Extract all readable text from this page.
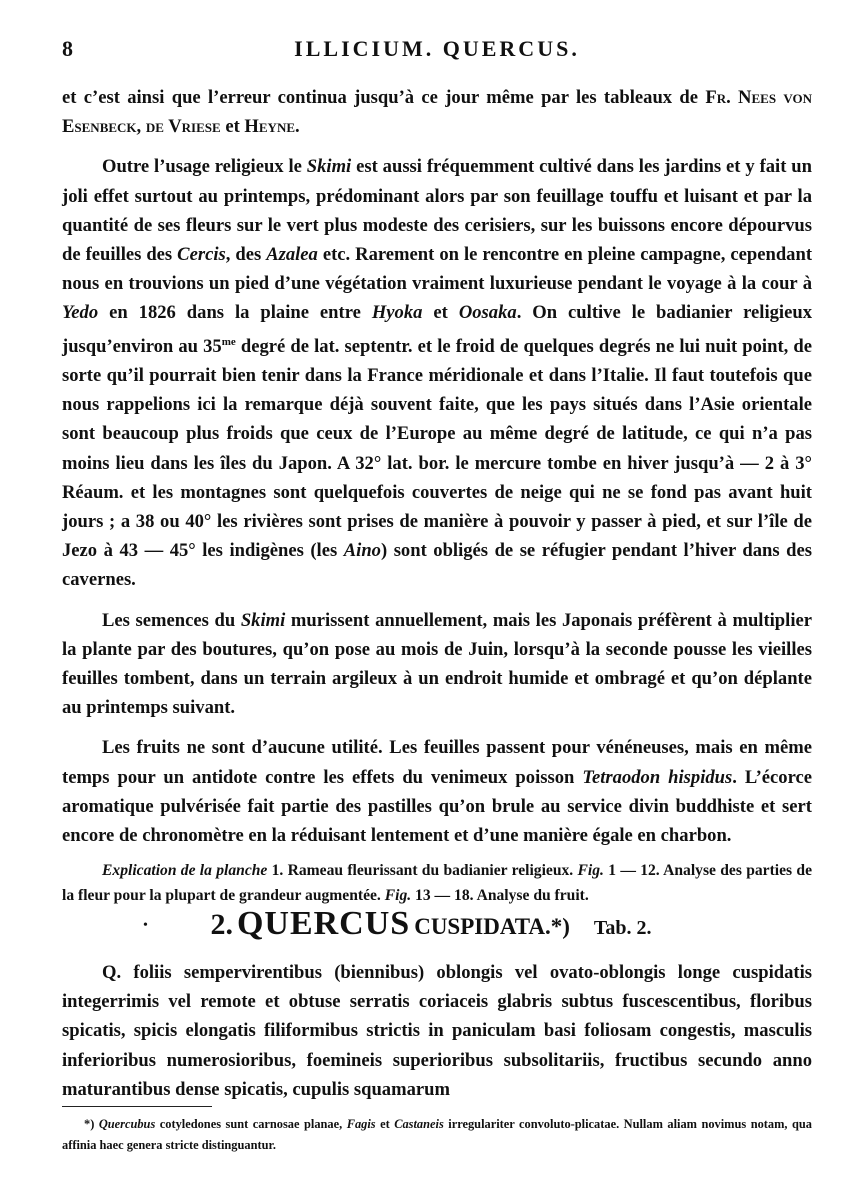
8	ILLICIUM. QUERCUS.

et c’est ainsi que l’erreur continua jusqu’à ce jour même par les tableaux de Fr. Nees von Esenbeck, de Vriese et Heyne.

Outre l’usage religieux le Skimi est aussi fréquemment cultivé dans les jardins et y fait un joli effet surtout au printemps, prédominant alors par son feuillage touffu et luisant et par la quantité de ses fleurs sur le vert plus modeste des cerisiers, sur les buissons encore dépourvus de feuilles des Cercis, des Azalea etc. Rarement on le rencontre en pleine campagne, cependant nous en trouvions un pied d’une végétation vraiment luxurieuse pendant le voyage à la cour à Yedo en 1826 dans la plaine entre Hyoka et Oosaka. On cultive le badianier religieux jusqu’environ au $35^{me}$ degré de lat. septentr. et le froid de quelques degrés ne lui nuit point, de sorte qu’il pourrait bien tenir dans la France méridionale et dans l’Italie. Il faut toutefois que nous rappelions ici la remarque déjà souvent faite, que les pays situés dans l’Asie orientale sont beaucoup plus froids que ceux de l’Europe au même degré de latitude, ce qui n’a pas moins lieu dans les îles du Japon. A 32° lat. bor. le mercure tombe en hiver jusqu’à — 2 à 3° Réaum. et les montagnes sont quelquefois couvertes de neige qui ne se fond pas avant huit jours ; a 38 ou 40° les rivières sont prises de manière à pouvoir y passer à pied, et sur l’île de Jezo à 43 — 45° les indigènes (les Aino) sont obligés de se réfugier pendant l’hiver dans des cavernes.

Les semences du Skimi murissent annuellement, mais les Japonais préfèrent à multiplier la plante par des boutures, qu’on pose au mois de Juin, lorsqu’à la seconde pousse les vieilles feuilles tombent, dans un terrain argileux à un endroit humide et ombragé et qu’on déplante au printemps suivant.

Les fruits ne sont d’aucune utilité. Les feuilles passent pour vénéneuses, mais en même temps pour un antidote contre les effets du venimeux poisson Tetraodon hispidus. L’écorce aromatique pulvérisée fait partie des pastilles qu’on brule au service divin buddhiste et sert encore de chronomètre en la réduisant lentement et d’une manière égale en charbon.

Explication de la planche 1. Rameau fleurissant du badianier religieux. Fig. 1 — 12. Analyse des parties de la fleur pour la plupart de grandeur augmentée. Fig. 13 — 18. Analyse du fruit.

•	2. QUERCUS CUSPIDATA.*) Tab. 2.

Q. foliis sempervirentibus (biennibus) oblongis vel ovato-oblongis longe cuspidatis integerrimis vel remote et obtuse serratis coriaceis glabris subtus fuscescentibus, floribus spicatis, spicis elongatis filiformibus strictis in paniculam basi foliosam congestis, masculis inferioribus numerosioribus, foemineis superioribus subsolitariis, fructibus secundo anno maturantibus dense spicatis, cupulis squamarum

*) Quercubus cotyledones sunt carnosae planae, Fagis et Castaneis irregulariter convoluto-plicatae. Nullam aliam novimus notam, qua affinia haec genera stricte distinguantur.
